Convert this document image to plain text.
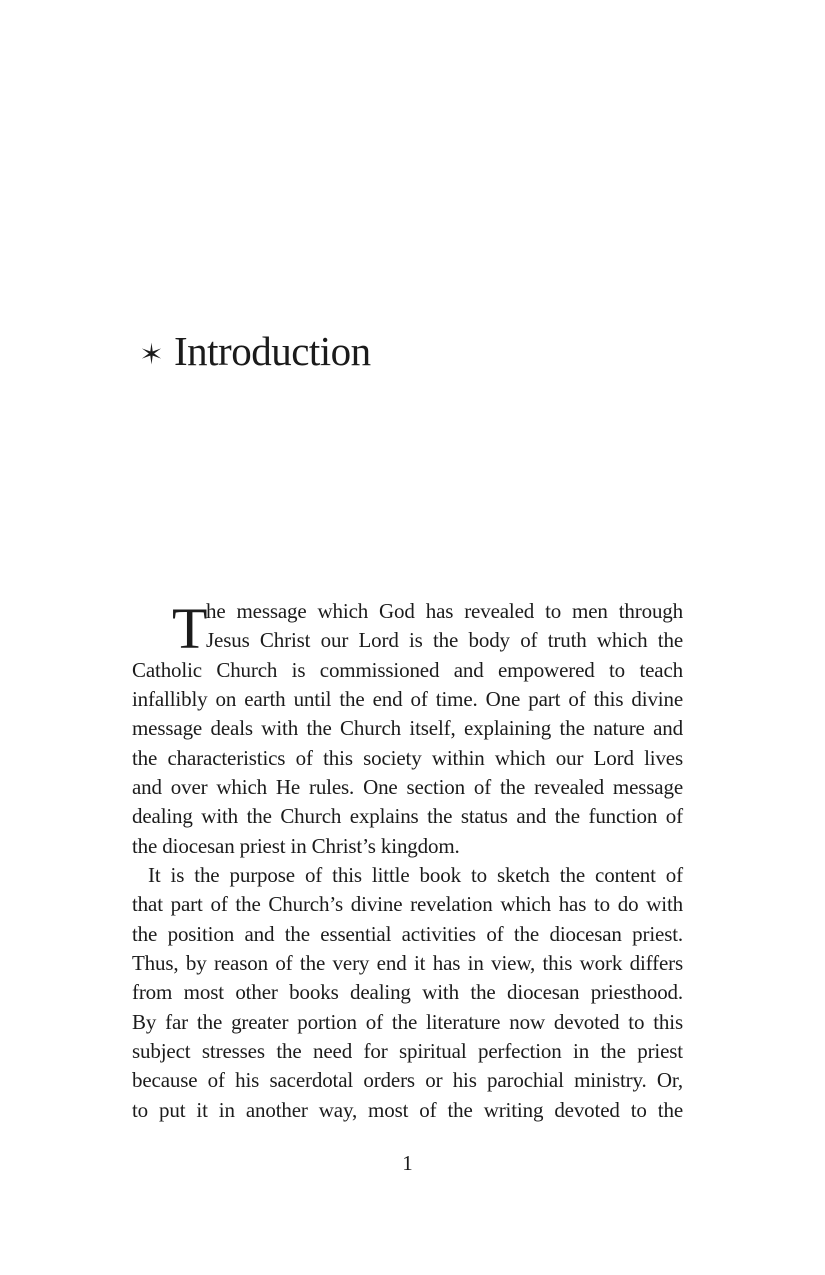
Introduction
T
he message which God has revealed to men through
Jesus Christ our Lord is the body of truth which the
Catholic Church is commissioned and empowered to teach
infallibly on earth until the end of time. One part of this divine
message deals with the Church itself, explaining the nature and
the characteristics of this society within which our Lord lives
and over which He rules. One section of the revealed message
dealing with the Church explains the status and the function of
the diocesan priest in Christ’s kingdom.
It is the purpose of this little book to sketch the content of
that part of the Church’s divine revelation which has to do with
the position and the essential activities of the diocesan priest.
Thus, by reason of the very end it has in view, this work differs
from most other books dealing with the diocesan priesthood.
By far the greater portion of the literature now devoted to this
subject stresses the need for spiritual perfection in the priest
because of his sacerdotal orders or his parochial ministry. Or,
to put it in another way, most of the writing devoted to the
1
